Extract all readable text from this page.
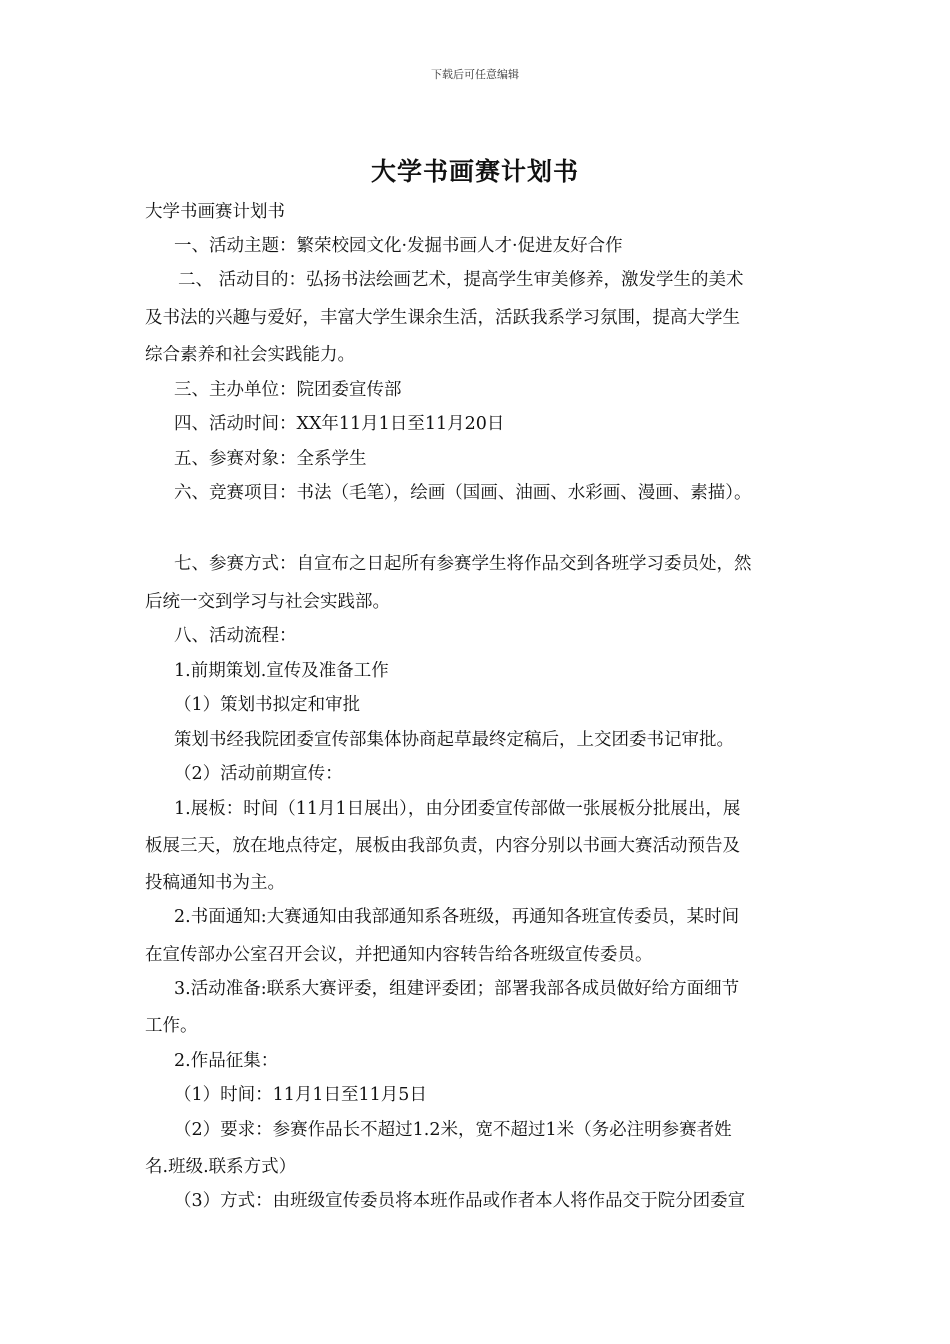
下载后可任意编辑
大学书画赛计划书
大学书画赛计划书
一、活动主题：繁荣校园文化·发掘书画人才·促进友好合作
二、 活动目的：弘扬书法绘画艺术，提高学生审美修养，激发学生的美术
及书法的兴趣与爱好，丰富大学生课余生活，活跃我系学习氛围，提高大学生
综合素养和社会实践能力。
三、主办单位：院团委宣传部
四、活动时间：XX年11月1日至11月20日
五、参赛对象：全系学生
六、竞赛项目：书法（毛笔），绘画（国画、油画、水彩画、漫画、素描）。
七、参赛方式：自宣布之日起所有参赛学生将作品交到各班学习委员处，然
后统一交到学习与社会实践部。
八、活动流程：
1.前期策划.宣传及准备工作
（1）策划书拟定和审批
策划书经我院团委宣传部集体协商起草最终定稿后，上交团委书记审批。
（2）活动前期宣传：
1.展板：时间（11月1日展出），由分团委宣传部做一张展板分批展出，展
板展三天，放在地点待定，展板由我部负责，内容分别以书画大赛活动预告及
投稿通知书为主。
2.书面通知:大赛通知由我部通知系各班级，再通知各班宣传委员，某时间
在宣传部办公室召开会议，并把通知内容转告给各班级宣传委员。
3.活动准备:联系大赛评委，组建评委团；部署我部各成员做好给方面细节
工作。
2.作品征集：
（1）时间：11月1日至11月5日
（2）要求：参赛作品长不超过1.2米，宽不超过1米（务必注明参赛者姓
名.班级.联系方式）
（3）方式：由班级宣传委员将本班作品或作者本人将作品交于院分团委宣
